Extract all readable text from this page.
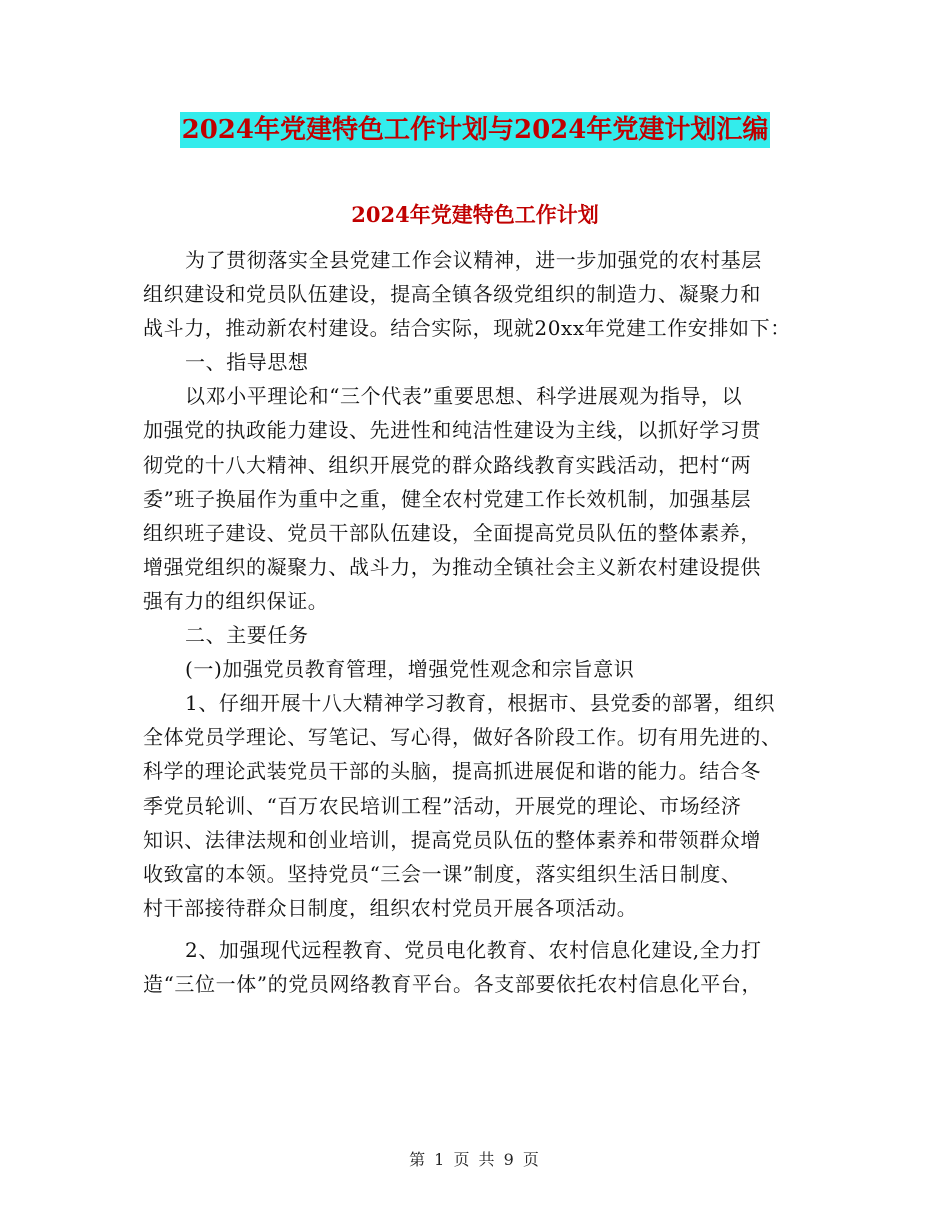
2024年党建特色工作计划与2024年党建计划汇编
2024年党建特色工作计划
为了贯彻落实全县党建工作会议精神，进一步加强党的农村基层
组织建设和党员队伍建设，提高全镇各级党组织的制造力、凝聚力和
战斗力，推动新农村建设。结合实际，现就20xx年党建工作安排如下：
一、指导思想
以邓小平理论和“三个代表”重要思想、科学进展观为指导，以
加强党的执政能力建设、先进性和纯洁性建设为主线，以抓好学习贯
彻党的十八大精神、组织开展党的群众路线教育实践活动，把村“两
委”班子换届作为重中之重，健全农村党建工作长效机制，加强基层
组织班子建设、党员干部队伍建设，全面提高党员队伍的整体素养，
增强党组织的凝聚力、战斗力，为推动全镇社会主义新农村建设提供
强有力的组织保证。
二、主要任务
(一)加强党员教育管理，增强党性观念和宗旨意识
1、仔细开展十八大精神学习教育，根据市、县党委的部署，组织
全体党员学理论、写笔记、写心得，做好各阶段工作。切有用先进的、
科学的理论武装党员干部的头脑，提高抓进展促和谐的能力。结合冬
季党员轮训、“百万农民培训工程”活动，开展党的理论、市场经济
知识、法律法规和创业培训，提高党员队伍的整体素养和带领群众增
收致富的本领。坚持党员“三会一课”制度，落实组织生活日制度、
村干部接待群众日制度，组织农村党员开展各项活动。
2、加强现代远程教育、党员电化教育、农村信息化建设,全力打
造“三位一体”的党员网络教育平台。各支部要依托农村信息化平台，
第 1 页 共 9 页
